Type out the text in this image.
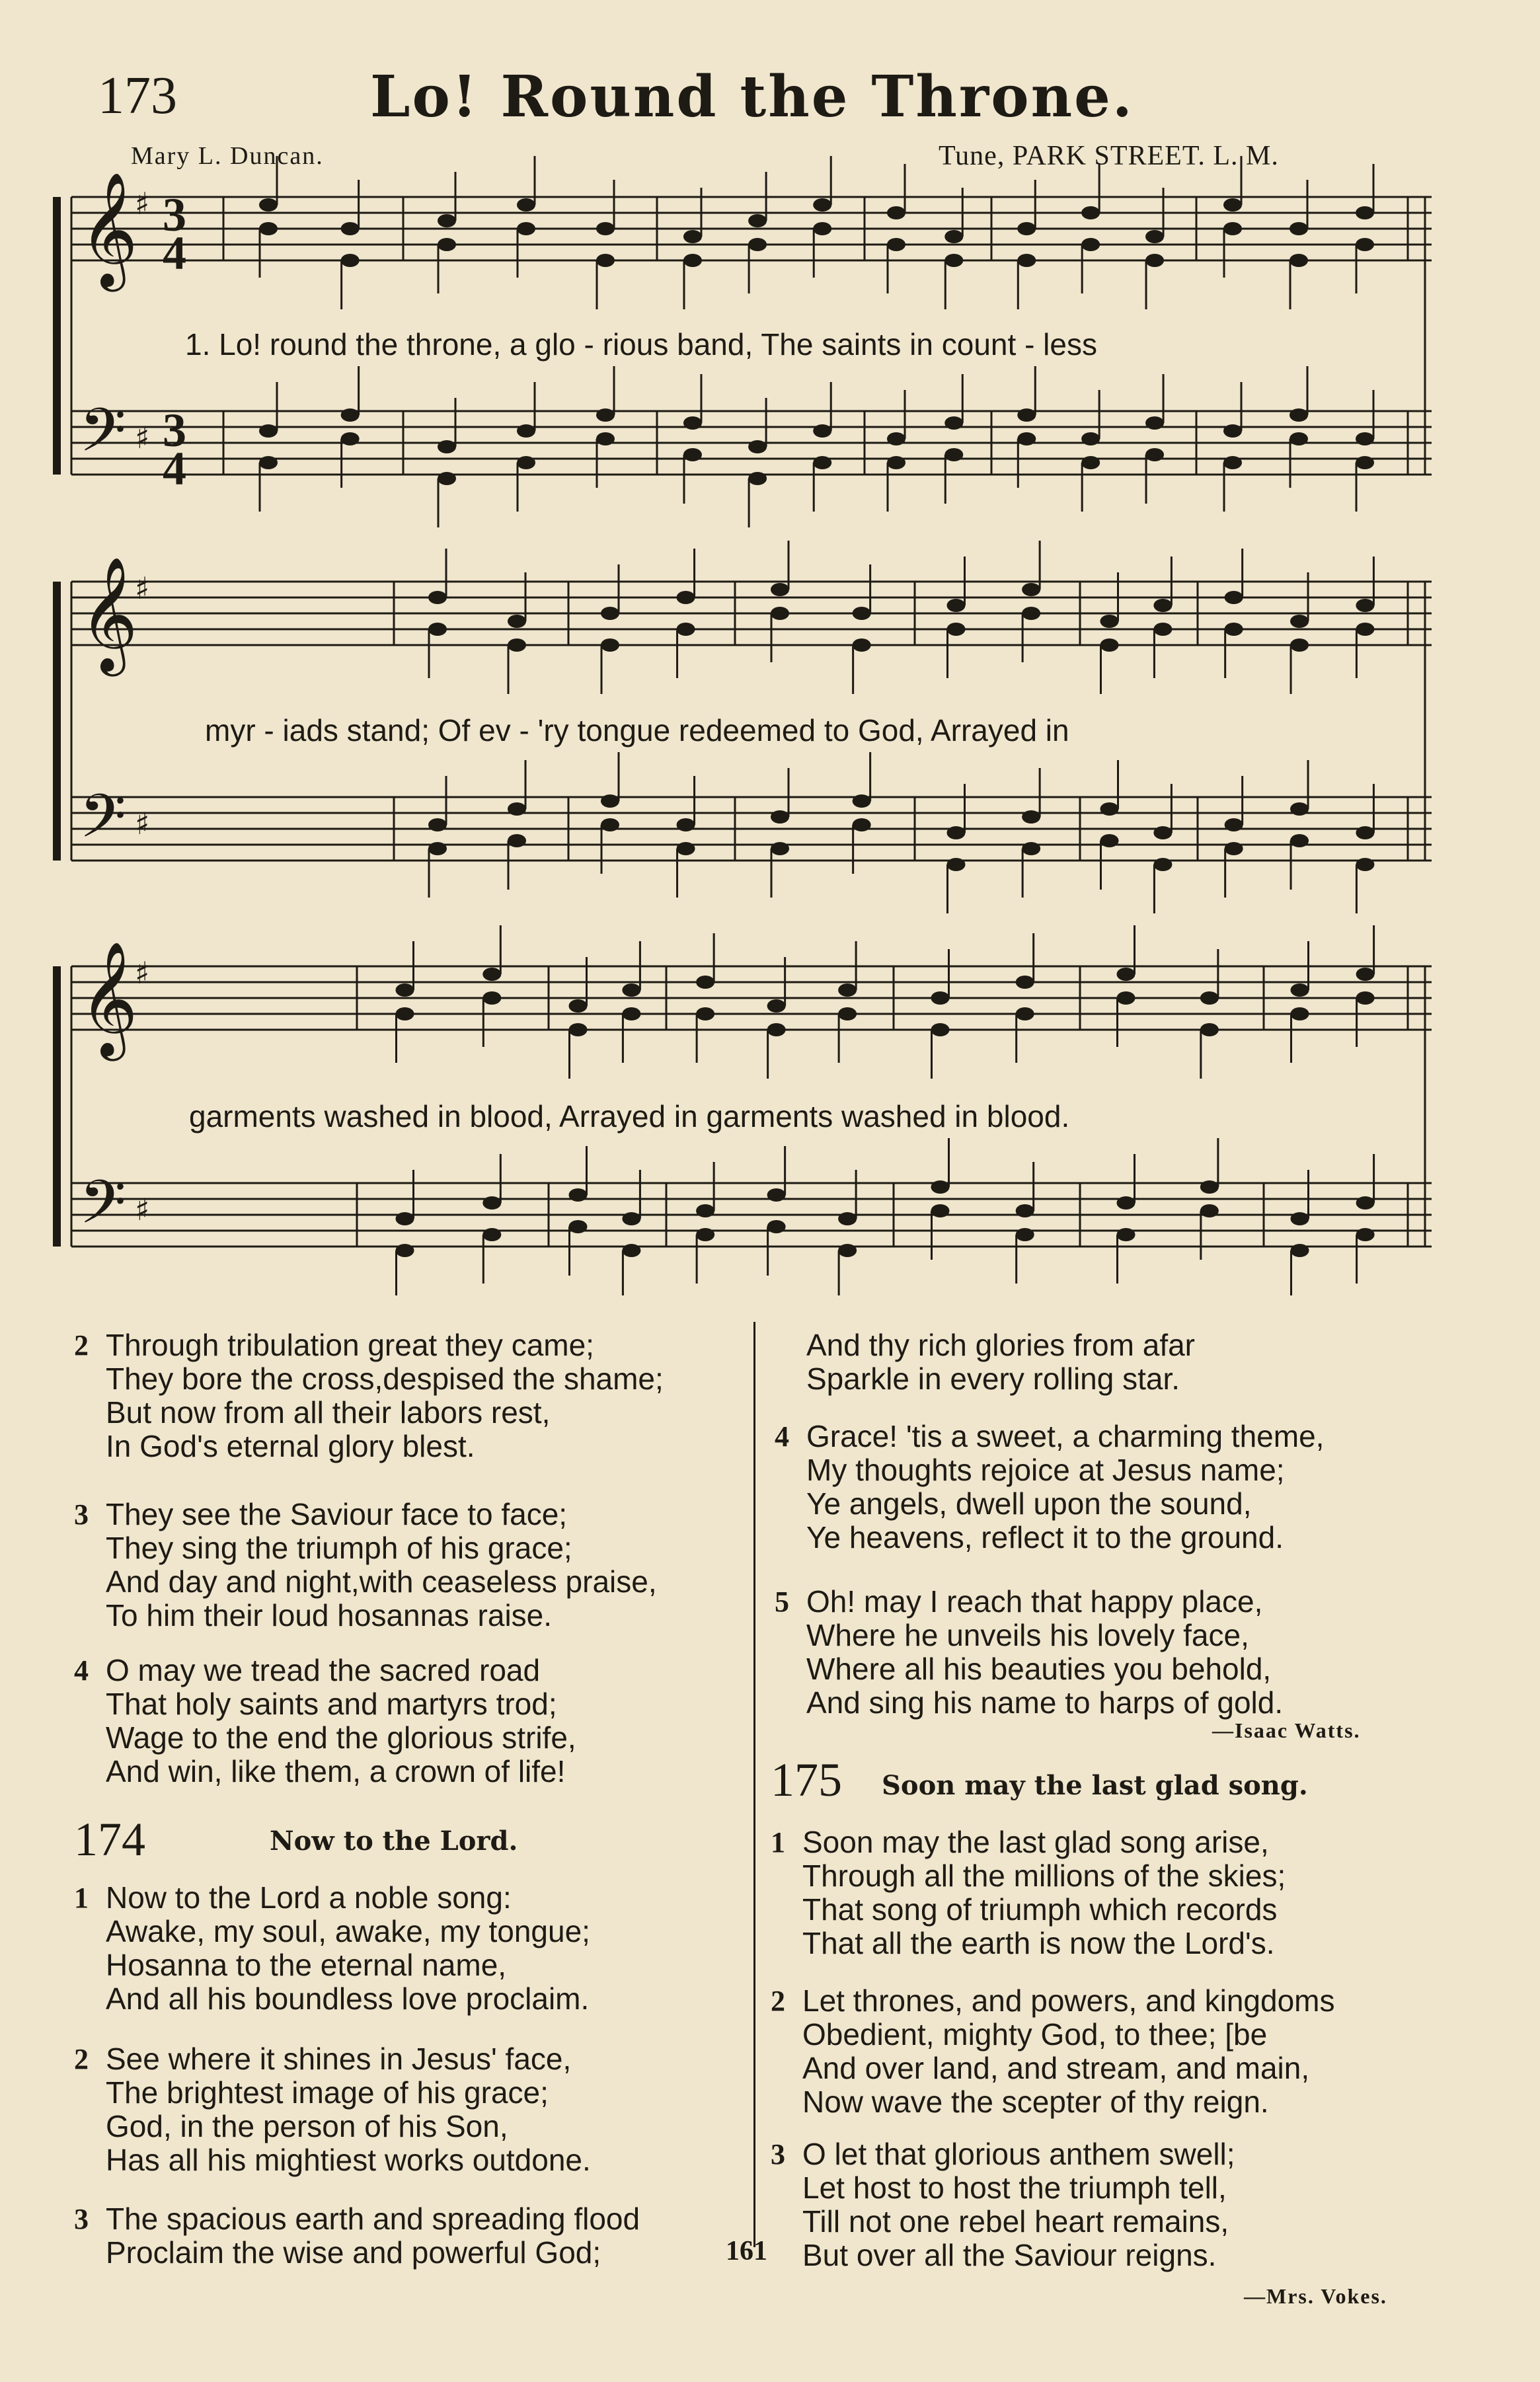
173	Lo! Round the Throne.
Mary L. Duncan.	Tune, PARK STREET. L. M.
𝄞
♯
𝄢 ♯
𝄞
♯
𝄢 ♯
𝄞
♯
𝄢 ♯
3
4
3
4
1. Lo! round the throne, a glo - rious band, The saints in count - less
myr - iads stand; Of ev - 'ry tongue redeemed to God, Arrayed in
garments washed in blood, Arrayed in garments washed in blood.
2 Through tribulation great they came;
They bore the cross,despised the shame;
But now from all their labors rest,
In God's eternal glory blest.
3 They see the Saviour face to face;
They sing the triumph of his grace;
And day and night,with ceaseless praise,
To him their loud hosannas raise.
4 O may we tread the sacred road
That holy saints and martyrs trod;
Wage to the end the glorious strife,
And win, like them, a crown of life!
174	Now to the Lord.
1 Now to the Lord a noble song:
Awake, my soul, awake, my tongue;
Hosanna to the eternal name,
And all his boundless love proclaim.
2 See where it shines in Jesus' face,
The brightest image of his grace;
God, in the person of his Son,
Has all his mightiest works outdone.
3 The spacious earth and spreading flood
Proclaim the wise and powerful God;
And thy rich glories from afar
Sparkle in every rolling star.
4 Grace! 'tis a sweet, a charming theme,
My thoughts rejoice at Jesus name;
Ye angels, dwell upon the sound,
Ye heavens, reflect it to the ground.
5 Oh! may I reach that happy place,
Where he unveils his lovely face,
Where all his beauties you behold,
And sing his name to harps of gold.
—Isaac Watts.
175 Soon may the last glad song.
1 Soon may the last glad song arise,
Through all the millions of the skies;
That song of triumph which records
That all the earth is now the Lord's.
2 Let thrones, and powers, and kingdoms
Obedient, mighty God, to thee; [be
And over land, and stream, and main,
Now wave the scepter of thy reign.
3 O let that glorious anthem swell;
Let host to host the triumph tell,
Till not one rebel heart remains,
But over all the Saviour reigns.
—Mrs. Vokes.
161
